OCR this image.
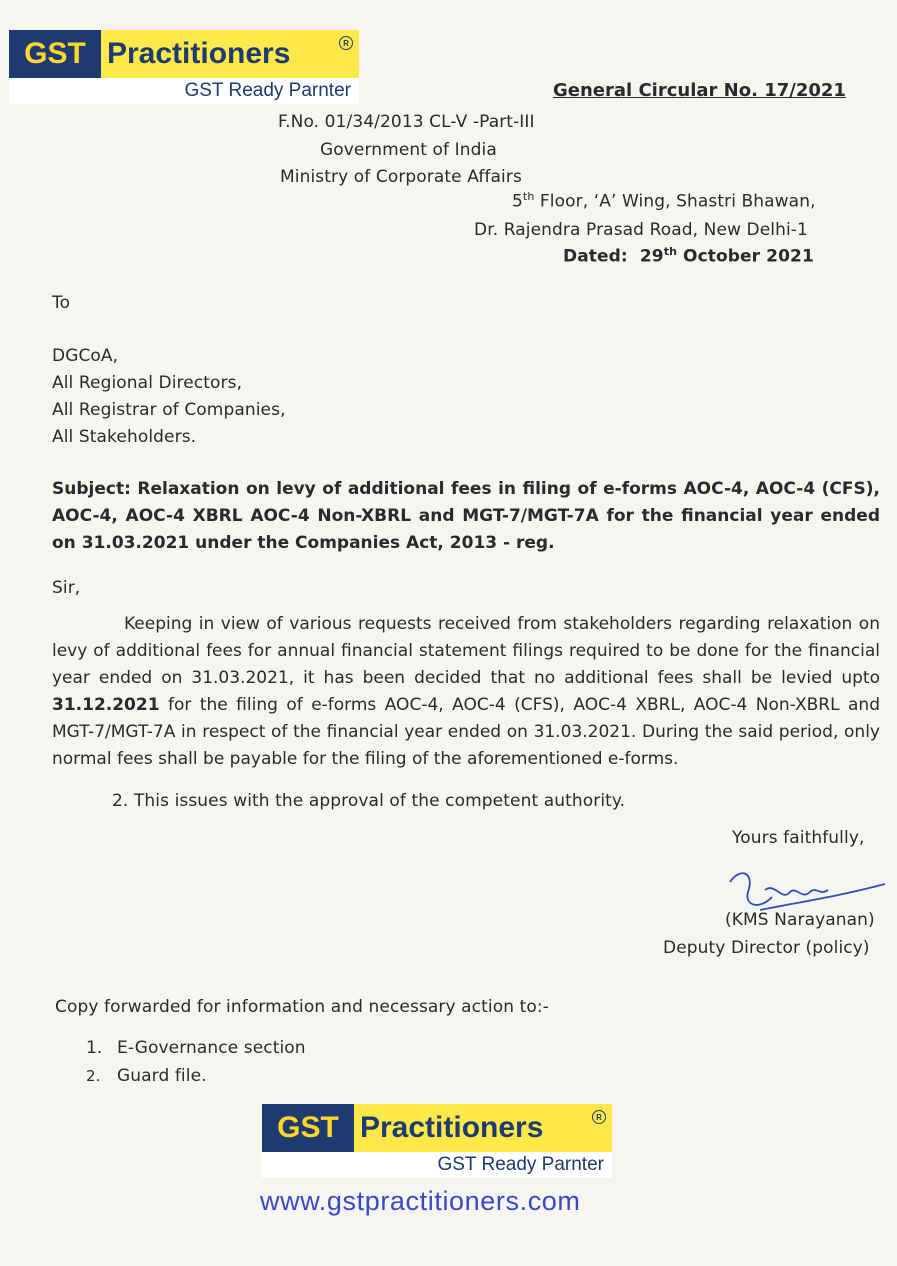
GST Practitioners	R
GST Ready Parnter	General Circular No. 17/2021
F.No. 01/34/2013 CL-V -Part-III
Government of India
Ministry of Corporate Affairs
5th Floor, ‘A’ Wing, Shastri Bhawan,
Dr. Rajendra Prasad Road, New Delhi-1
Dated: 29th October 2021
To
DGCoA,
All Regional Directors,
All Registrar of Companies,
All Stakeholders.
Subject: Relaxation on levy of additional fees in filing of e-forms AOC-4, AOC-4 (CFS), AOC-4, AOC-4 XBRL AOC-4 Non-XBRL and MGT-7/MGT-7A for the financial year ended on 31.03.2021 under the Companies Act, 2013 - reg.
Sir,
Keeping in view of various requests received from stakeholders regarding relaxation on levy of additional fees for annual financial statement filings required to be done for the financial year ended on 31.03.2021, it has been decided that no additional fees shall be levied upto 31.12.2021 for the filing of e-forms AOC-4, AOC-4 (CFS), AOC-4 XBRL, AOC-4 Non-XBRL and MGT-7/MGT-7A in respect of the financial year ended on 31.03.2021. During the said period, only normal fees shall be payable for the filing of the aforementioned e-forms.
2. This issues with the approval of the competent authority.
Yours faithfully,
(KMS Narayanan)
Deputy Director (policy)
Copy forwarded for information and necessary action to:-
1. E-Governance section
2. Guard file.
GST Practitioners	R
GST Ready Parnter
www.gstpractitioners.com
